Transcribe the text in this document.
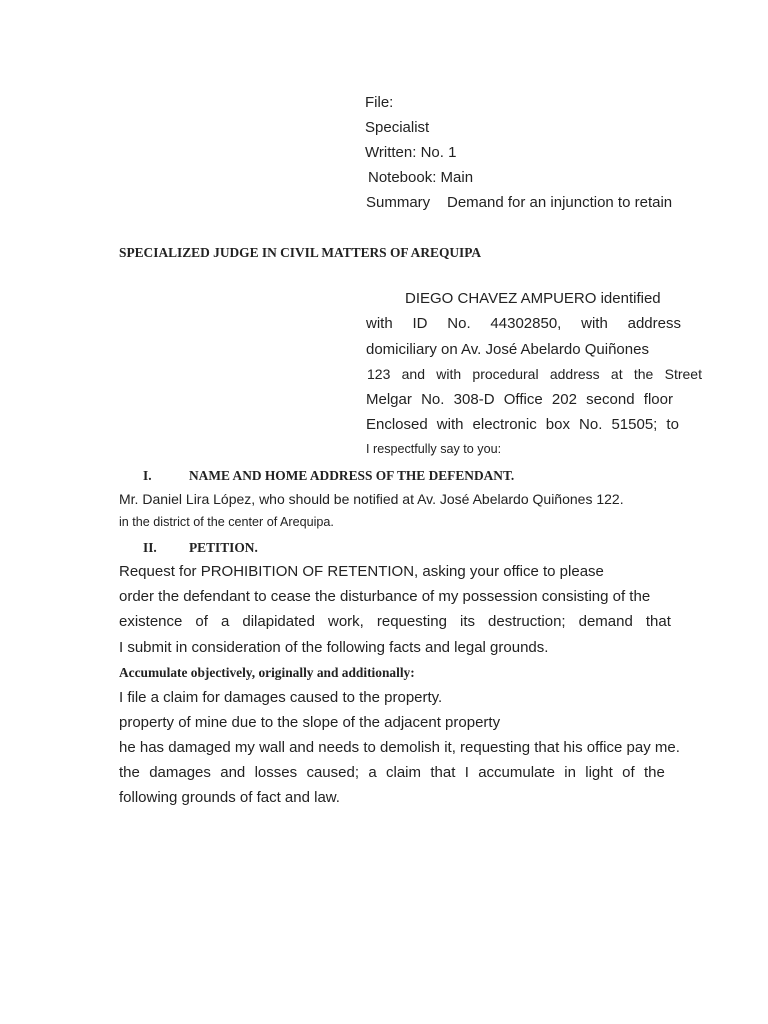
File:
Specialist
Written: No. 1
Notebook: Main
Summary Demand for an injunction to retain
SPECIALIZED JUDGE IN CIVIL MATTERS OF AREQUIPA
DIEGO CHAVEZ AMPUERO identified
with ID No. 44302850, with address
domiciliary on Av. José Abelardo Quiñones
123 and with procedural address at the Street
Melgar No. 308-D Office 202 second floor
Enclosed with electronic box No. 51505; to
I respectfully say to you:
I.	NAME AND HOME ADDRESS OF THE DEFENDANT.
Mr. Daniel Lira López, who should be notified at Av. José Abelardo Quiñones 122.
in the district of the center of Arequipa.
II. PETITION.
Request for PROHIBITION OF RETENTION, asking your office to please
order the defendant to cease the disturbance of my possession consisting of the
existence of a dilapidated work, requesting its destruction; demand that
I submit in consideration of the following facts and legal grounds.
Accumulate objectively, originally and additionally:
I file a claim for damages caused to the property.
property of mine due to the slope of the adjacent property
he has damaged my wall and needs to demolish it, requesting that his office pay me.
the damages and losses caused; a claim that I accumulate in light of the
following grounds of fact and law.
